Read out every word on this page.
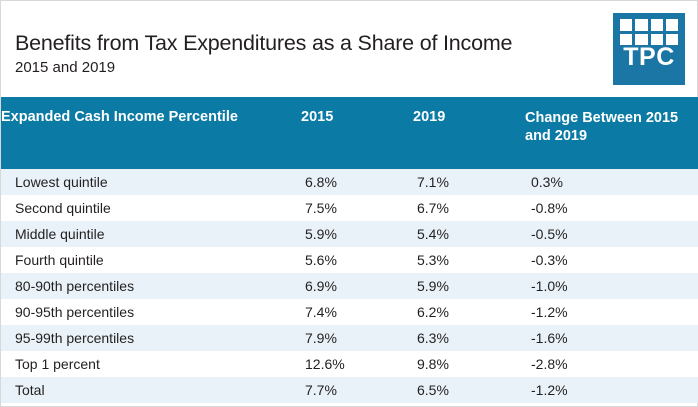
Benefits from Tax Expenditures as a Share of Income
2015 and 2019	TPC
Expanded Cash Income Percentile	2015	2019	Change Between 2015 and 2019
Lowest quintile	6.8%	7.1%	0.3%
Second quintile	7.5%	6.7%	-0.8%
Middle quintile	5.9%	5.4%	-0.5%
Fourth quintile	5.6%	5.3%	-0.3%
80-90th percentiles	6.9%	5.9%	-1.0%
90-95th percentiles	7.4%	6.2%	-1.2%
95-99th percentiles	7.9%	6.3%	-1.6%
Top 1 percent	12.6%	9.8%	-2.8%
Total	7.7%	6.5%	-1.2%
